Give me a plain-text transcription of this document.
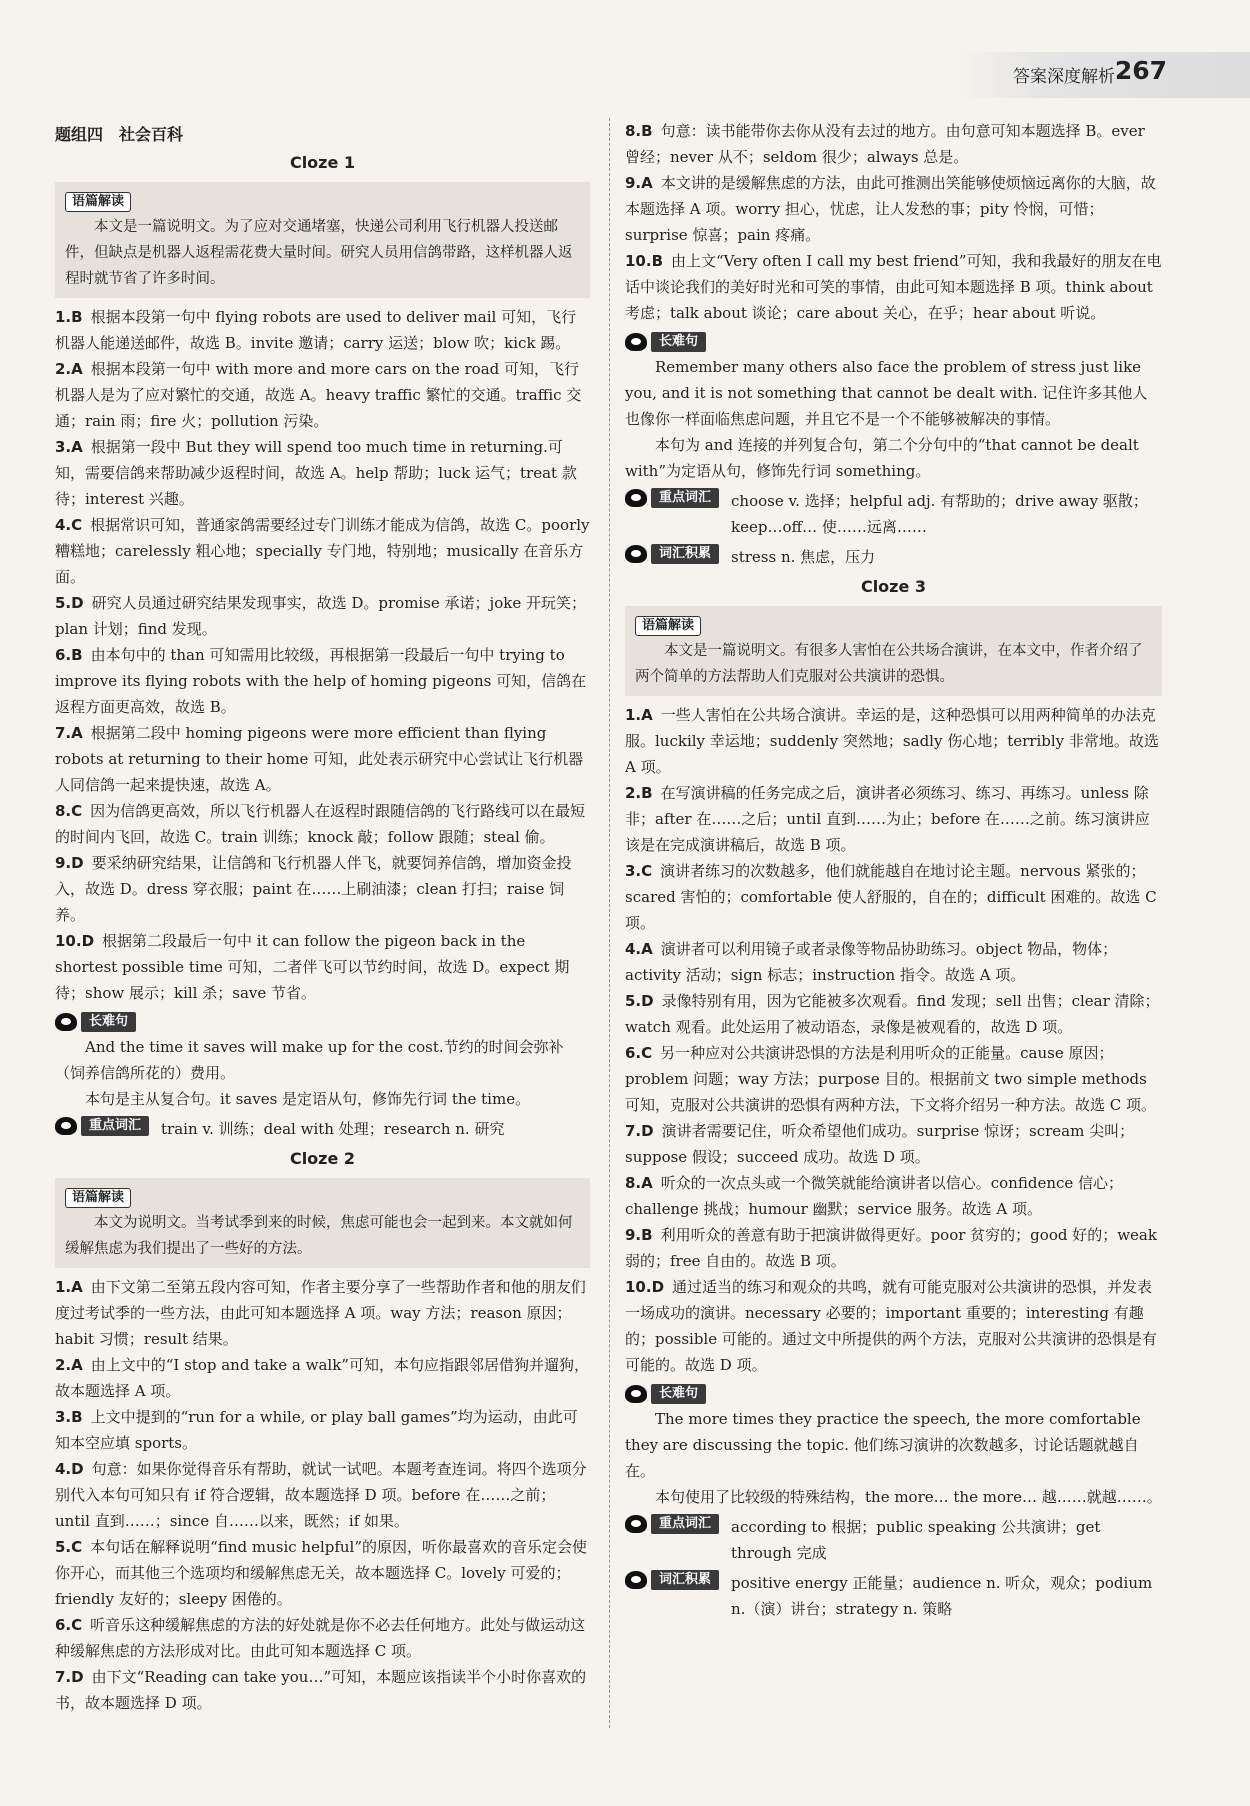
答案深度解析 267
题组四　社会百科
Cloze 1
语篇解读

本文是一篇说明文。为了应对交通堵塞，快递公司利用飞行机器人投送邮件，但缺点是机器人返程需花费大量时间。研究人员用信鸽带路，这样机器人返程时就节省了许多时间。

1.B 根据本段第一句中 flying robots are used to deliver mail 可知，飞行机器人能递送邮件，故选 B。invite 邀请；carry 运送；blow 吹；kick 踢。

2.A 根据本段第一句中 with more and more cars on the road 可知，飞行机器人是为了应对繁忙的交通，故选 A。heavy traffic 繁忙的交通。traffic 交通；rain 雨；fire 火；pollution 污染。

3.A 根据第一段中 But they will spend too much time in returning.可知，需要信鸽来帮助减少返程时间，故选 A。help 帮助；luck 运气；treat 款待；interest 兴趣。

4.C 根据常识可知，普通家鸽需要经过专门训练才能成为信鸽，故选 C。poorly 糟糕地；carelessly 粗心地；specially 专门地，特别地；musically 在音乐方面。

5.D 研究人员通过研究结果发现事实，故选 D。promise 承诺；joke 开玩笑；plan 计划；find 发现。

6.B 由本句中的 than 可知需用比较级，再根据第一段最后一句中 trying to improve its flying robots with the help of homing pigeons 可知，信鸽在返程方面更高效，故选 B。

7.A 根据第二段中 homing pigeons were more efficient than flying robots at returning to their home 可知，此处表示研究中心尝试让飞行机器人同信鸽一起来提快速，故选 A。

8.C 因为信鸽更高效，所以飞行机器人在返程时跟随信鸽的飞行路线可以在最短的时间内飞回，故选 C。train 训练；knock 敲；follow 跟随；steal 偷。

9.D 要采纳研究结果，让信鸽和飞行机器人伴飞，就要饲养信鸽，增加资金投入，故选 D。dress 穿衣服；paint 在……上刷油漆；clean 打扫；raise 饲养。

10.D 根据第二段最后一句中 it can follow the pigeon back in the shortest possible time 可知，二者伴飞可以节约时间，故选 D。expect 期待；show 展示；kill 杀；save 节省。

长难句

And the time it saves will make up for the cost.节约的时间会弥补（饲养信鸽所花的）费用。

本句是主从复合句。it saves 是定语从句，修饰先行词 the time。

重点词汇	train v. 训练；deal with 处理；research n. 研究
Cloze 2
语篇解读

本文为说明文。当考试季到来的时候，焦虑可能也会一起到来。本文就如何缓解焦虑为我们提出了一些好的方法。

1.A 由下文第二至第五段内容可知，作者主要分享了一些帮助作者和他的朋友们度过考试季的一些方法，由此可知本题选择 A 项。way 方法；reason 原因；habit 习惯；result 结果。

2.A 由上文中的“I stop and take a walk”可知，本句应指跟邻居借狗并遛狗，故本题选择 A 项。

3.B 上文中提到的“run for a while, or play ball games”均为运动，由此可知本空应填 sports。

4.D 句意：如果你觉得音乐有帮助，就试一试吧。本题考查连词。将四个选项分别代入本句可知只有 if 符合逻辑，故本题选择 D 项。before 在……之前；until 直到……；since 自……以来，既然；if 如果。

5.C 本句话在解释说明“find music helpful”的原因，听你最喜欢的音乐定会使你开心，而其他三个选项均和缓解焦虑无关，故本题选择 C。lovely 可爱的；friendly 友好的；sleepy 困倦的。

6.C 听音乐这种缓解焦虑的方法的好处就是你不必去任何地方。此处与做运动这种缓解焦虑的方法形成对比。由此可知本题选择 C 项。

7.D 由下文“Reading can take you…”可知，本题应该指读半个小时你喜欢的书，故本题选择 D 项。

8.B 句意：读书能带你去你从没有去过的地方。由句意可知本题选择 B。ever 曾经；never 从不；seldom 很少；always 总是。

9.A 本文讲的是缓解焦虑的方法，由此可推测出笑能够使烦恼远离你的大脑，故本题选择 A 项。worry 担心，忧虑，让人发愁的事；pity 怜悯，可惜；surprise 惊喜；pain 疼痛。

10.B 由上文“Very often I call my best friend”可知，我和我最好的朋友在电话中谈论我们的美好时光和可笑的事情，由此可知本题选择 B 项。think about 考虑；talk about 谈论；care about 关心，在乎；hear about 听说。

长难句

Remember many others also face the problem of stress just like you, and it is not something that cannot be dealt with. 记住许多其他人也像你一样面临焦虑问题，并且它不是一个不能够被解决的事情。

本句为 and 连接的并列复合句，第二个分句中的“that cannot be dealt with”为定语从句，修饰先行词 something。

重点词汇	choose v. 选择；helpful adj. 有帮助的；drive away 驱散；keep…off… 使……远离……
词汇积累	stress n. 焦虑，压力
Cloze 3
语篇解读

本文是一篇说明文。有很多人害怕在公共场合演讲，在本文中，作者介绍了两个简单的方法帮助人们克服对公共演讲的恐惧。

1.A 一些人害怕在公共场合演讲。幸运的是，这种恐惧可以用两种简单的办法克服。luckily 幸运地；suddenly 突然地；sadly 伤心地；terribly 非常地。故选 A 项。

2.B 在写演讲稿的任务完成之后，演讲者必须练习、练习、再练习。unless 除非；after 在……之后；until 直到……为止；before 在……之前。练习演讲应该是在完成演讲稿后，故选 B 项。

3.C 演讲者练习的次数越多，他们就能越自在地讨论主题。nervous 紧张的；scared 害怕的；comfortable 使人舒服的，自在的；difficult 困难的。故选 C 项。

4.A 演讲者可以利用镜子或者录像等物品协助练习。object 物品，物体；activity 活动；sign 标志；instruction 指令。故选 A 项。

5.D 录像特别有用，因为它能被多次观看。find 发现；sell 出售；clear 清除；watch 观看。此处运用了被动语态，录像是被观看的，故选 D 项。

6.C 另一种应对公共演讲恐惧的方法是利用听众的正能量。cause 原因；problem 问题；way 方法；purpose 目的。根据前文 two simple methods 可知，克服对公共演讲的恐惧有两种方法，下文将介绍另一种方法。故选 C 项。

7.D 演讲者需要记住，听众希望他们成功。surprise 惊讶；scream 尖叫；suppose 假设；succeed 成功。故选 D 项。

8.A 听众的一次点头或一个微笑就能给演讲者以信心。confidence 信心；challenge 挑战；humour 幽默；service 服务。故选 A 项。

9.B 利用听众的善意有助于把演讲做得更好。poor 贫穷的；good 好的；weak 弱的；free 自由的。故选 B 项。

10.D 通过适当的练习和观众的共鸣，就有可能克服对公共演讲的恐惧，并发表一场成功的演讲。necessary 必要的；important 重要的；interesting 有趣的；possible 可能的。通过文中所提供的两个方法，克服对公共演讲的恐惧是有可能的。故选 D 项。

长难句

The more times they practice the speech, the more comfortable they are discussing the topic. 他们练习演讲的次数越多，讨论话题就越自在。

本句使用了比较级的特殊结构，the more… the more… 越……就越……。

重点词汇	according to 根据；public speaking 公共演讲；get through 完成
词汇积累	positive energy 正能量；audience n. 听众，观众；podium n.（演）讲台；strategy n. 策略
